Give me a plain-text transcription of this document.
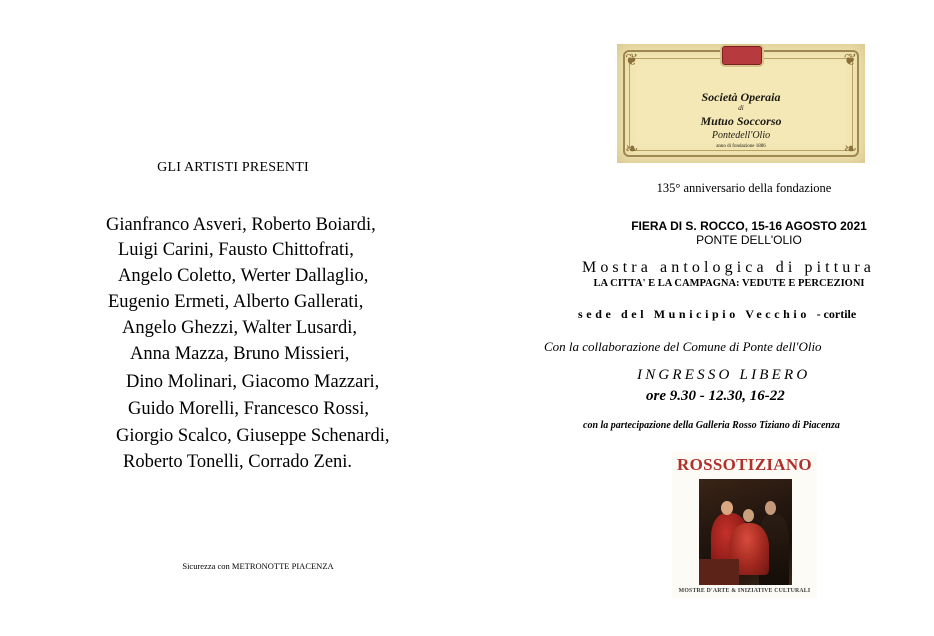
GLI ARTISTI PRESENTI
Gianfranco Asveri, Roberto Boiardi,
Luigi Carini, Fausto Chittofrati,
Angelo Coletto, Werter Dallaglio,
Eugenio Ermeti, Alberto Gallerati,
Angelo Ghezzi, Walter Lusardi,
Anna Mazza, Bruno Missieri,
Dino Molinari, Giacomo Mazzari,
Guido Morelli, Francesco Rossi,
Giorgio Scalco, Giuseppe Schenardi,
Roberto Tonelli, Corrado Zeni.
Sicurezza con METRONOTTE PIACENZA
❦	❦
❧	❧
Società Operaia
di
Mutuo Soccorso
Pontedell'Olio
anno di fondazione 1886
135° anniversario della fondazione
FIERA DI S. ROCCO, 15-16 AGOSTO 2021
PONTE DELL'OLIO
Mostra antologica di pittura
LA CITTA' E LA CAMPAGNA: VEDUTE E PERCEZIONI
sede del Municipio Vecchio - cortile
Con la collaborazione del Comune di Ponte dell'Olio
INGRESSO LIBERO
ore 9.30 - 12.30, 16-22
con la partecipazione della Galleria Rosso Tiziano di Piacenza
ROSSOTIZIANO
MOSTRE D'ARTE & INIZIATIVE CULTURALI
